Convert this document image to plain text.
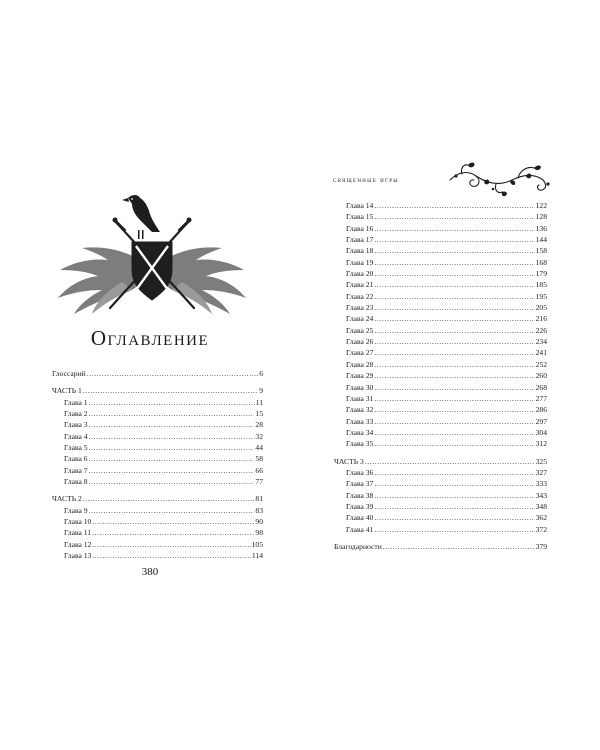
Оглавление
Глоссарий .....	6
ЧАСТЬ 1 .....	9
Глава 1 .....	11
Глава 2 .....	15
Глава 3 .....	28
Глава 4 .....	32
Глава 5 .....	44
Глава 6 .....	58
Глава 7 .....	66
Глава 8 .....	77
ЧАСТЬ 2 .....	81
Глава 9 .....	83
Глава 10 .....	90
Глава 11 .....	98
Глава 12 .....	105
Глава 13 .....	114
380
священные игры
Глава 14 .....	122
Глава 15 .....	128
Глава 16 .....	136
Глава 17 .....	144
Глава 18 .....	158
Глава 19 .....	168
Глава 20 .....	179
Глава 21 .....	185
Глава 22 .....	195
Глава 23 .....	205
Глава 24 .....	216
Глава 25 .....	226
Глава 26 .....	234
Глава 27 .....	241
Глава 28 .....	252
Глава 29 .....	260
Глава 30 .....	268
Глава 31 .....	277
Глава 32 .....	286
Глава 33 .....	297
Глава 34 .....	304
Глава 35 .....	312
ЧАСТЬ 3 .....	325
Глава 36 .....	327
Глава 37 .....	333
Глава 38 .....	343
Глава 39 .....	348
Глава 40 .....	362
Глава 41 .....	372
Благодарности .....	379
